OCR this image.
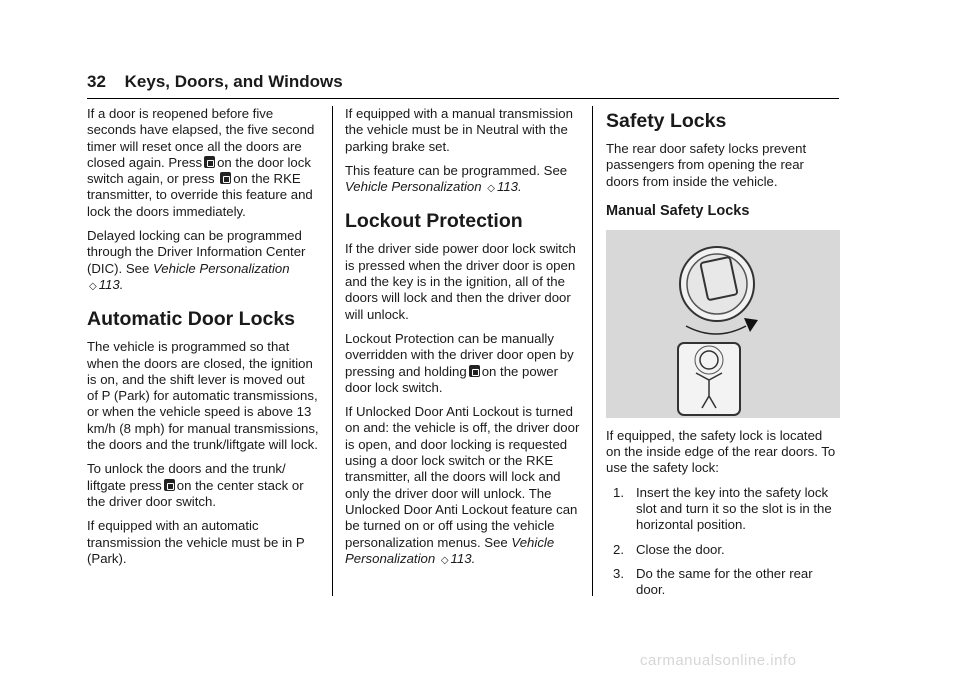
32 Keys, Doors, and Windows

If a door is reopened before five seconds have elapsed, the five second timer will reset once all the doors are closed again. Press on the door lock switch again, or press on the RKE transmitter, to override this feature and lock the doors immediately.

Delayed locking can be programmed through the Driver Information Center (DIC). See Vehicle Personalization ◇ 113.

Automatic Door Locks

The vehicle is programmed so that when the doors are closed, the ignition is on, and the shift lever is moved out of P (Park) for automatic transmissions, or when the vehicle speed is above 13 km/h (8 mph) for manual transmissions, the doors and the trunk/liftgate will lock.

To unlock the doors and the trunk/ liftgate press on the center stack or the driver door switch.

If equipped with an automatic transmission the vehicle must be in P (Park).

If equipped with a manual transmission the vehicle must be in Neutral with the parking brake set.

This feature can be programmed. See Vehicle Personalization ◇ 113.

Lockout Protection

If the driver side power door lock switch is pressed when the driver door is open and the key is in the ignition, all of the doors will lock and then the driver door will unlock.

Lockout Protection can be manually overridden with the driver door open by pressing and holding on the power door lock switch.

If Unlocked Door Anti Lockout is turned on and: the vehicle is off, the driver door is open, and door locking is requested using a door lock switch or the RKE transmitter, all the doors will lock and only the driver door will unlock. The Unlocked Door Anti Lockout feature can be turned on or off using the vehicle personalization menus. See Vehicle Personalization ◇ 113.

Safety Locks

The rear door safety locks prevent passengers from opening the rear doors from inside the vehicle.

Manual Safety Locks

If equipped, the safety lock is located on the inside edge of the rear doors. To use the safety lock:

1. Insert the key into the safety lock slot and turn it so the slot is in the horizontal position.
2. Close the door.
3. Do the same for the other rear door.
carmanualsonline.info
